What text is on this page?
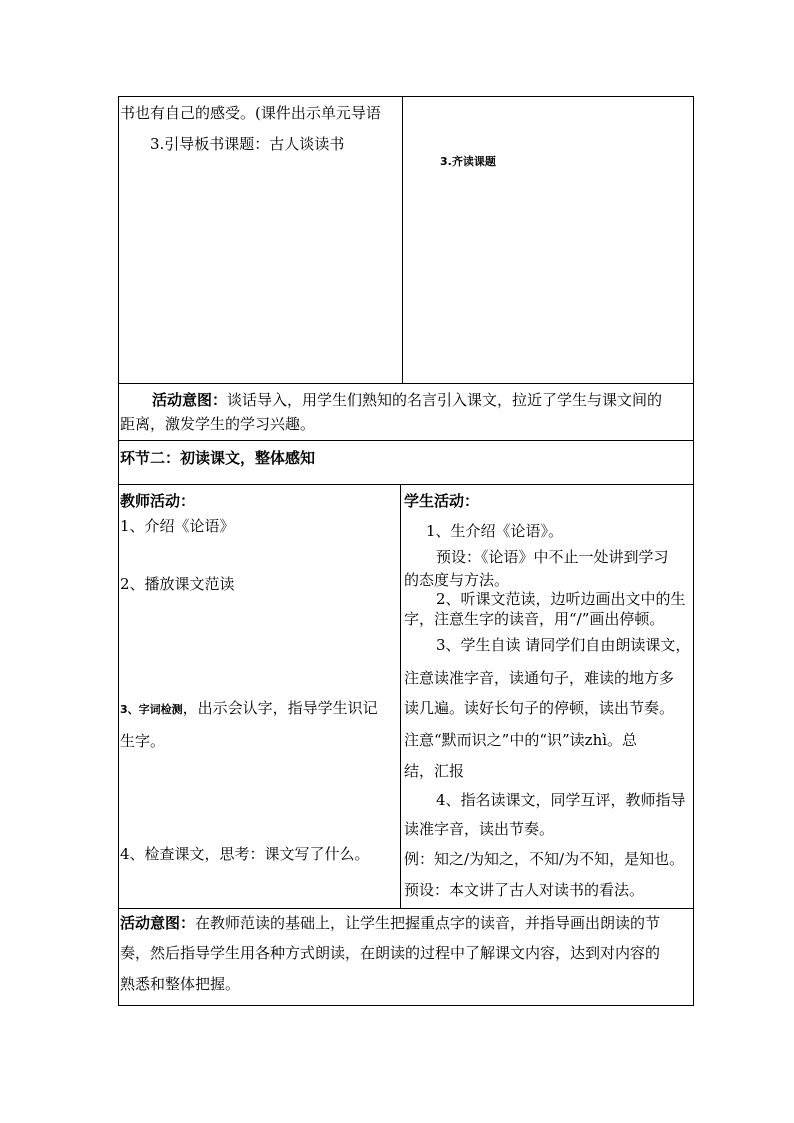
书也有自己的感受。(课件出示单元导语
3.引导板书课题：古人谈读书
3.齐读课题
活动意图：谈话导入，用学生们熟知的名言引入课文，拉近了学生与课文间的
距离，激发学生的学习兴趣。
环节二：初读课文，整体感知
教师活动：
1、介绍《论语》
2、播放课文范读
3、字词检测，出示会认字，指导学生识记
生字。
4、检查课文，思考：课文写了什么。
学生活动：
1、生介绍《论语》。
预设：《论语》中不止一处讲到学习
的态度与方法。
2、听课文范读，边听边画出文中的生
字，注意生字的读音，用“/”画出停顿。
3、学生自读 请同学们自由朗读课文，
注意读准字音，读通句子，难读的地方多
读几遍。读好长句子的停顿，读出节奏。
注意“默而识之”中的“识”读zhì。总
结，汇报
4、指名读课文，同学互评，教师指导
读准字音，读出节奏。
例：知之/为知之，不知/为不知，是知也。
预设：本文讲了古人对读书的看法。
活动意图：在教师范读的基础上，让学生把握重点字的读音，并指导画出朗读的节
奏，然后指导学生用各种方式朗读，在朗读的过程中了解课文内容，达到对内容的
熟悉和整体把握。
